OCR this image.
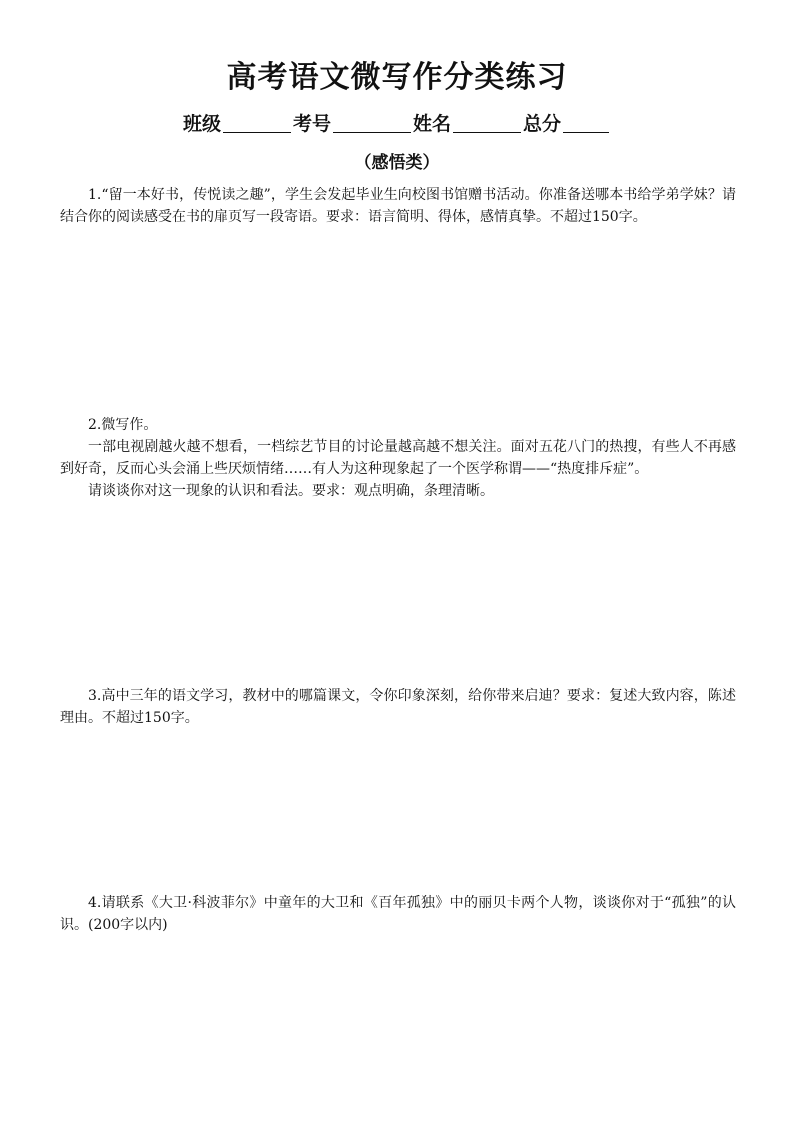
高考语文微写作分类练习
班级	考号	姓名	总分
（感悟类）

1.“留一本好书，传悦读之趣”，学生会发起毕业生向校图书馆赠书活动。你准备送哪本书给学弟学妹？请结合你的阅读感受在书的扉页写一段寄语。要求：语言简明、得体，感情真挚。不超过150字。

2.微写作。

一部电视剧越火越不想看，一档综艺节目的讨论量越高越不想关注。面对五花八门的热搜，有些人不再感到好奇，反而心头会涌上些厌烦情绪……有人为这种现象起了一个医学称谓——“热度排斥症”。

请谈谈你对这一现象的认识和看法。要求：观点明确，条理清晰。

3.高中三年的语文学习，教材中的哪篇课文，令你印象深刻，给你带来启迪？要求：复述大致内容，陈述理由。不超过150字。

4.请联系《大卫·科波菲尔》中童年的大卫和《百年孤独》中的丽贝卡两个人物，谈谈你对于“孤独”的认识。(200字以内)
